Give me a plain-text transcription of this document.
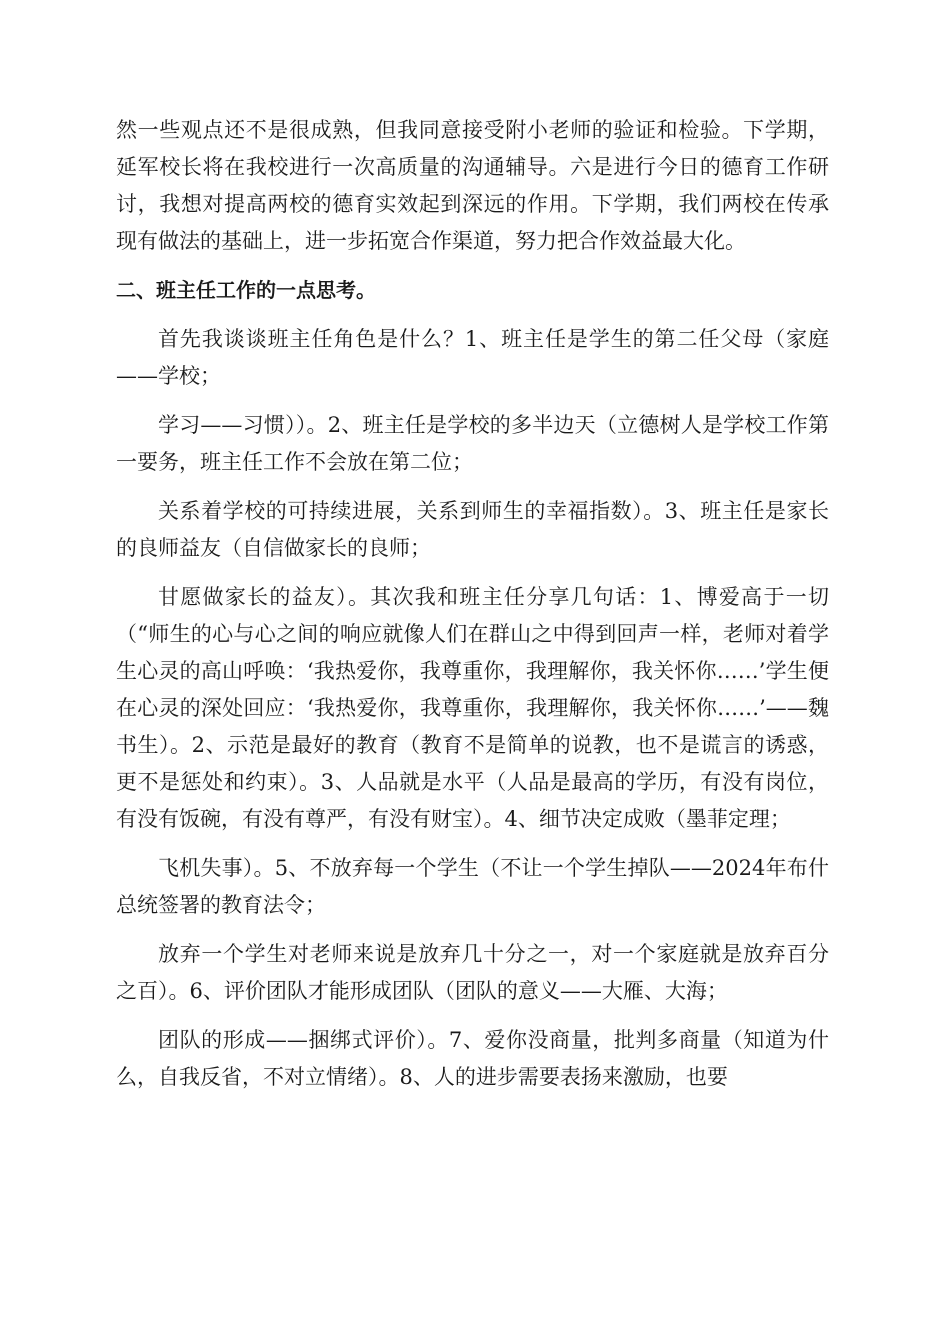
然一些观点还不是很成熟，但我同意接受附小老师的验证和检验。下学期，延军校长将在我校进行一次高质量的沟通辅导。六是进行今日的德育工作研讨，我想对提高两校的德育实效起到深远的作用。下学期，我们两校在传承现有做法的基础上，进一步拓宽合作渠道，努力把合作效益最大化。

二、班主任工作的一点思考。

首先我谈谈班主任角色是什么？1、班主任是学生的第二任父母（家庭——学校；

学习——习惯））。2、班主任是学校的多半边天（立德树人是学校工作第一要务，班主任工作不会放在第二位；

关系着学校的可持续进展，关系到师生的幸福指数）。3、班主任是家长的良师益友（自信做家长的良师；

甘愿做家长的益友）。其次我和班主任分享几句话：1、博爱高于一切（“师生的心与心之间的响应就像人们在群山之中得到回声一样，老师对着学生心灵的高山呼唤：‘我热爱你，我尊重你，我理解你，我关怀你……’学生便在心灵的深处回应：‘我热爱你，我尊重你，我理解你，我关怀你……’——魏书生）。2、示范是最好的教育（教育不是简单的说教，也不是谎言的诱惑，更不是惩处和约束）。3、人品就是水平（人品是最高的学历，有没有岗位，有没有饭碗，有没有尊严，有没有财宝）。4、细节决定成败（墨菲定理；

飞机失事）。5、不放弃每一个学生（不让一个学生掉队——2024年布什总统签署的教育法令；

放弃一个学生对老师来说是放弃几十分之一，对一个家庭就是放弃百分之百）。6、评价团队才能形成团队（团队的意义——大雁、大海；

团队的形成——捆绑式评价）。7、爱你没商量，批判多商量（知道为什么，自我反省，不对立情绪）。8、人的进步需要表扬来激励，也要
